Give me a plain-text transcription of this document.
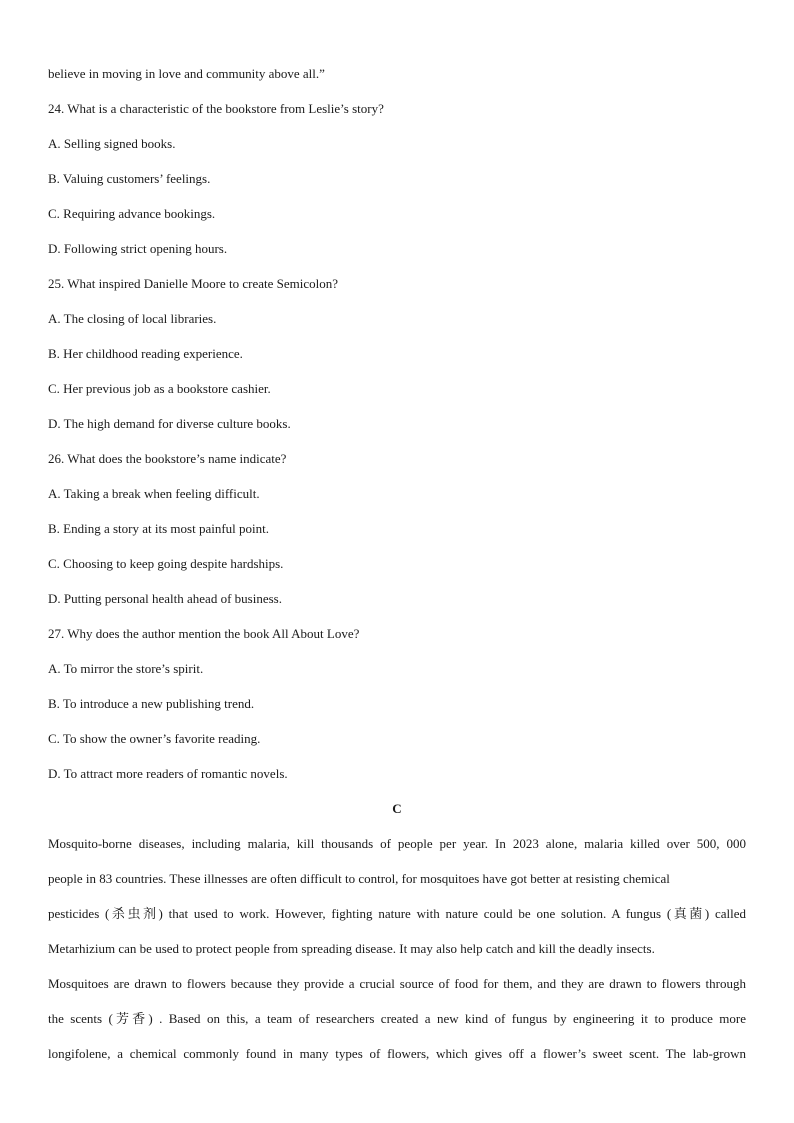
believe in moving in love and community above all.”
24. What is a characteristic of the bookstore from Leslie’s story?
A. Selling signed books.
B. Valuing customers’ feelings.
C. Requiring advance bookings.
D. Following strict opening hours.
25. What inspired Danielle Moore to create Semicolon?
A. The closing of local libraries.
B. Her childhood reading experience.
C. Her previous job as a bookstore cashier.
D. The high demand for diverse culture books.
26. What does the bookstore’s name indicate?
A. Taking a break when feeling difficult.
B. Ending a story at its most painful point.
C. Choosing to keep going despite hardships.
D. Putting personal health ahead of business.
27. Why does the author mention the book All About Love?
A. To mirror the store’s spirit.
B. To introduce a new publishing trend.
C. To show the owner’s favorite reading.
D. To attract more readers of romantic novels.
C
Mosquito-borne diseases, including malaria, kill thousands of people per year. In 2023 alone, malaria killed over 500, 000
people in 83 countries. These illnesses are often difficult to control, for mosquitoes have got better at resisting chemical
pesticides (杀虫剂) that used to work. However, fighting nature with nature could be one solution. A fungus (真菌) called
Metarhizium can be used to protect people from spreading disease. It may also help catch and kill the deadly insects.
Mosquitoes are drawn to flowers because they provide a crucial source of food for them, and they are drawn to flowers through
the scents (芳香) . Based on this, a team of researchers created a new kind of fungus by engineering it to produce more
longifolene, a chemical commonly found in many types of flowers, which gives off a flower’s sweet scent. The lab-grown
